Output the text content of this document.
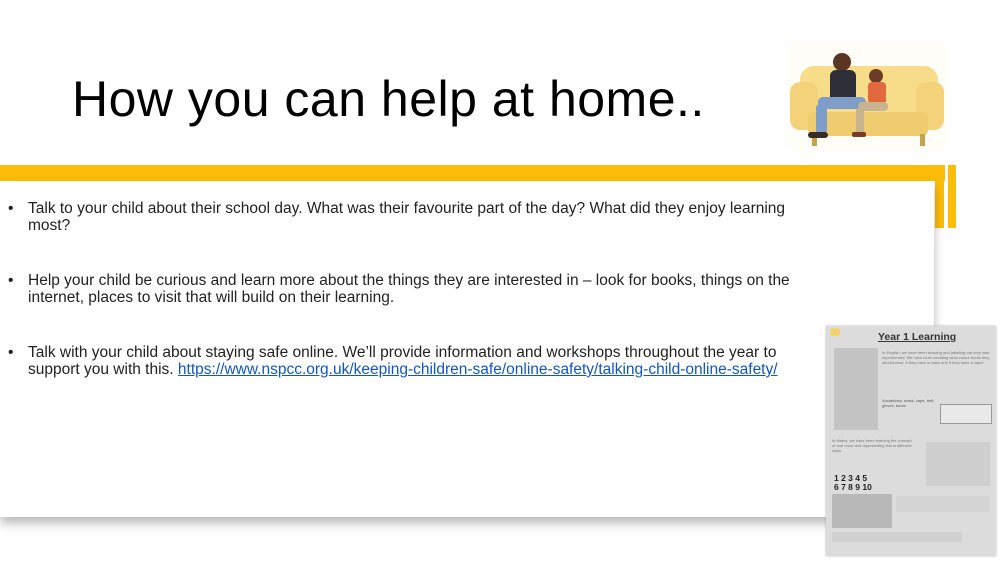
How you can help at home..
• Talk to your child about their school day. What was their favourite part of the day? What did they enjoy learning most?
• Help your child be curious and learn more about the things they are interested in – look for books, things on the internet, places to visit that will build on their learning.
• Talk with your child about staying safe online. We’ll provide information and workshops throughout the year to support you with this. https://www.nspcc.org.uk/keeping-children-safe/online-safety/talking-child-online-safety/
Year 1 Learning
In English, we have been drawing and labelling our very own superheroes! We have been deciding what colour boots they should wear, if they have a mask and if they have a cape!
Vocabulary: mask, cape, belt, gloves, boots
In Maths, we have been learning the concept of one more and representing this in different ways.
1 2 3 4 5
6 7 8 9 10
